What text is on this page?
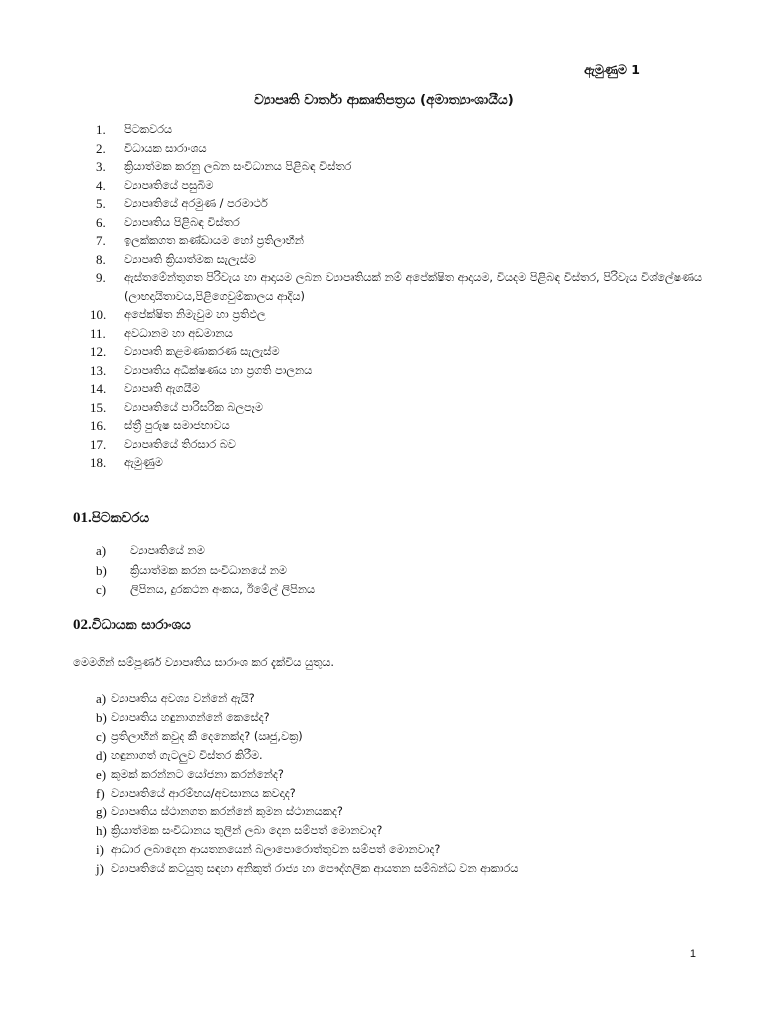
ඇමුණුම 1
ව්‍යාපෘති වාර්තා ආකෘතිපත්‍රය (අමාත්‍යාංශායීය)
1. පිටකවරය
2. විධායක සාරාංශය
3. ක්‍රියාත්මක කරනු ලබන සංවිධානය පිළිබඳ විස්තර
4. ව්‍යාපෘතියේ පසුබිම
5. ව්‍යාපෘතියේ අරමුණ / පරමාර්ථ
6. ව්‍යාපෘතිය පිළිබඳ විස්තර
7. ඉලක්කගත කණ්ඩායම හෝ ප්‍රතිලාභීන්
8. ව්‍යාපෘති ක්‍රියාත්මක සැලැස්ම
9. ඇස්තමේන්තුගත පිරිවැය හා ආදායම ලබන ව්‍යාපෘතියක් නම් අපේක්ෂිත ආදායම, වියදම පිළිබඳ විස්තර, පිරිවැය විශ්ලේෂණය (ලාභදායිතාවය,පිළිගෙවුම්කාලය ආදිය)
10. අපේක්ෂිත නිමැවුම හා ප්‍රතිඵල
11. අවධානම හා අඩමානය
12. ව්‍යාපෘති කළමණාකරණ සැලැස්ම
13. ව්‍යාපෘතිය අධීක්ෂණය හා ප්‍රගති පාලනය
14. ව්‍යාපෘති ඇගයීම
15. ව්‍යාපෘතියේ පාරිසරික බලපෑම
16. ස්ත්‍රී පුරුෂ සමාජභාවය
17. ව්‍යාපෘතියේ තිරසාර බව
18. ඇමුණුම
01.පිටකවරය
a) ව්‍යාපෘතියේ නම
b) ක්‍රියාත්මක කරන සංවිධානයේ නම
c) ලිපිනය, දුරකථන අංකය, ඊමේල් ලිපිනය
02.විධායක සාරාංශය
මෙමගින් සම්පූර්ණ ව්‍යාපෘතිය සාරාංශ කර දැක්විය යුතුය.
a) ව්‍යාපෘතිය අවශ්‍ය වන්නේ ඇයි?
b) ව්‍යාපෘතිය හඳුනාගන්නේ කෙසේද?
c) ප්‍රතිලාභීන් කවුද කී දෙනෙක්ද? (ඍජු,වක්‍ර)
d) හඳුනාගත් ගැටලුව විස්තර කිරීම.
e) කුමක් කරන්නට යෝජනා කරන්නේද?
f) ව්‍යාපෘතියේ ආරම්භය/අවසානය කවදාද?
g) ව්‍යාපෘතිය ස්ථානගත කරන්නේ කුමන ස්ථානයකද?
h) ක්‍රියාත්මක සංවිධානය තුලින් ලබා දෙන සම්පත් මොනවාද?
i) ආධාර ලබාදෙන ආයතනයෙන් බලාපොරොත්තුවන සම්පත් මොනවාද?
j) ව්‍යාපෘතියේ කටයුතු සඳහා අනිකුත් රාජ්‍ය හා පෞද්ගලික ආයතන සම්බන්ධ වන ආකාරය
1
